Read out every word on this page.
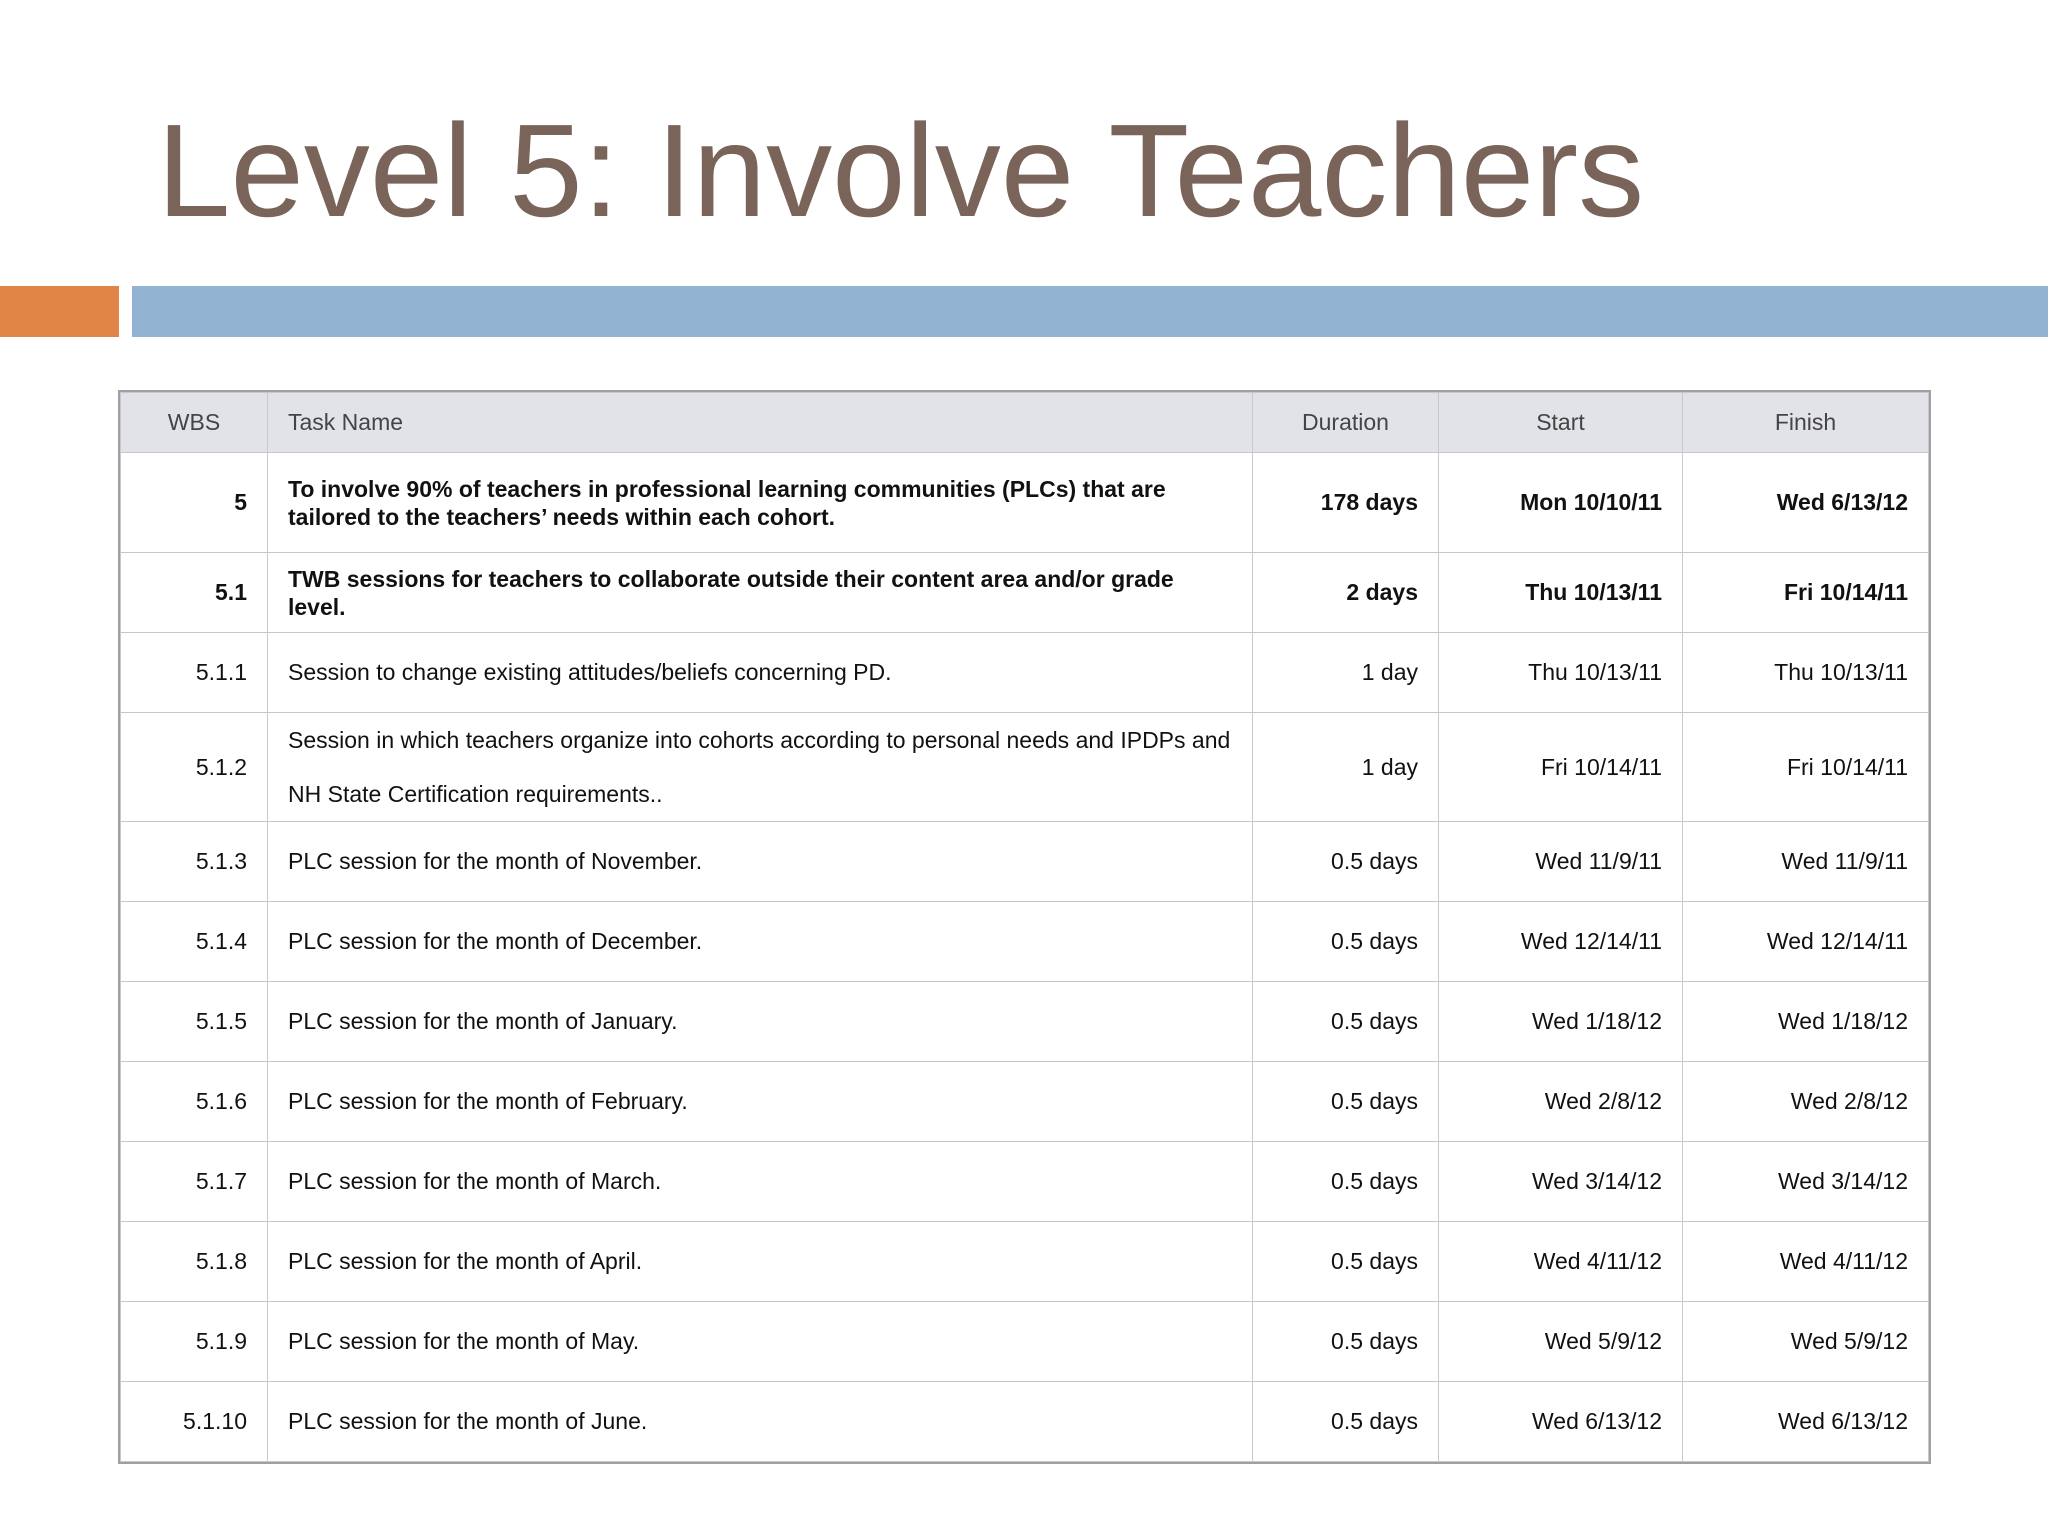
Level 5: Involve Teachers
WBS	Task Name	Duration	Start	Finish
5	To involve 90% of teachers in professional learning communities (PLCs) that are tailored to the teachers’ needs within each cohort.	178 days	Mon 10/10/11	Wed 6/13/12
5.1	TWB sessions for teachers to collaborate outside their content area and/or grade level.	2 days	Thu 10/13/11	Fri 10/14/11
5.1.1	Session to change existing attitudes/beliefs concerning PD.	1 day	Thu 10/13/11	Thu 10/13/11
5.1.2	Session in which teachers organize into cohorts according to personal needs and IPDPs and NH State Certification requirements..	1 day	Fri 10/14/11	Fri 10/14/11
5.1.3	PLC session for the month of November.	0.5 days	Wed 11/9/11	Wed 11/9/11
5.1.4	PLC session for the month of December.	0.5 days	Wed 12/14/11	Wed 12/14/11
5.1.5	PLC session for the month of January.	0.5 days	Wed 1/18/12	Wed 1/18/12
5.1.6	PLC session for the month of February.	0.5 days	Wed 2/8/12	Wed 2/8/12
5.1.7	PLC session for the month of March.	0.5 days	Wed 3/14/12	Wed 3/14/12
5.1.8	PLC session for the month of April.	0.5 days	Wed 4/11/12	Wed 4/11/12
5.1.9	PLC session for the month of May.	0.5 days	Wed 5/9/12	Wed 5/9/12
5.1.10	PLC session for the month of June.	0.5 days	Wed 6/13/12	Wed 6/13/12
